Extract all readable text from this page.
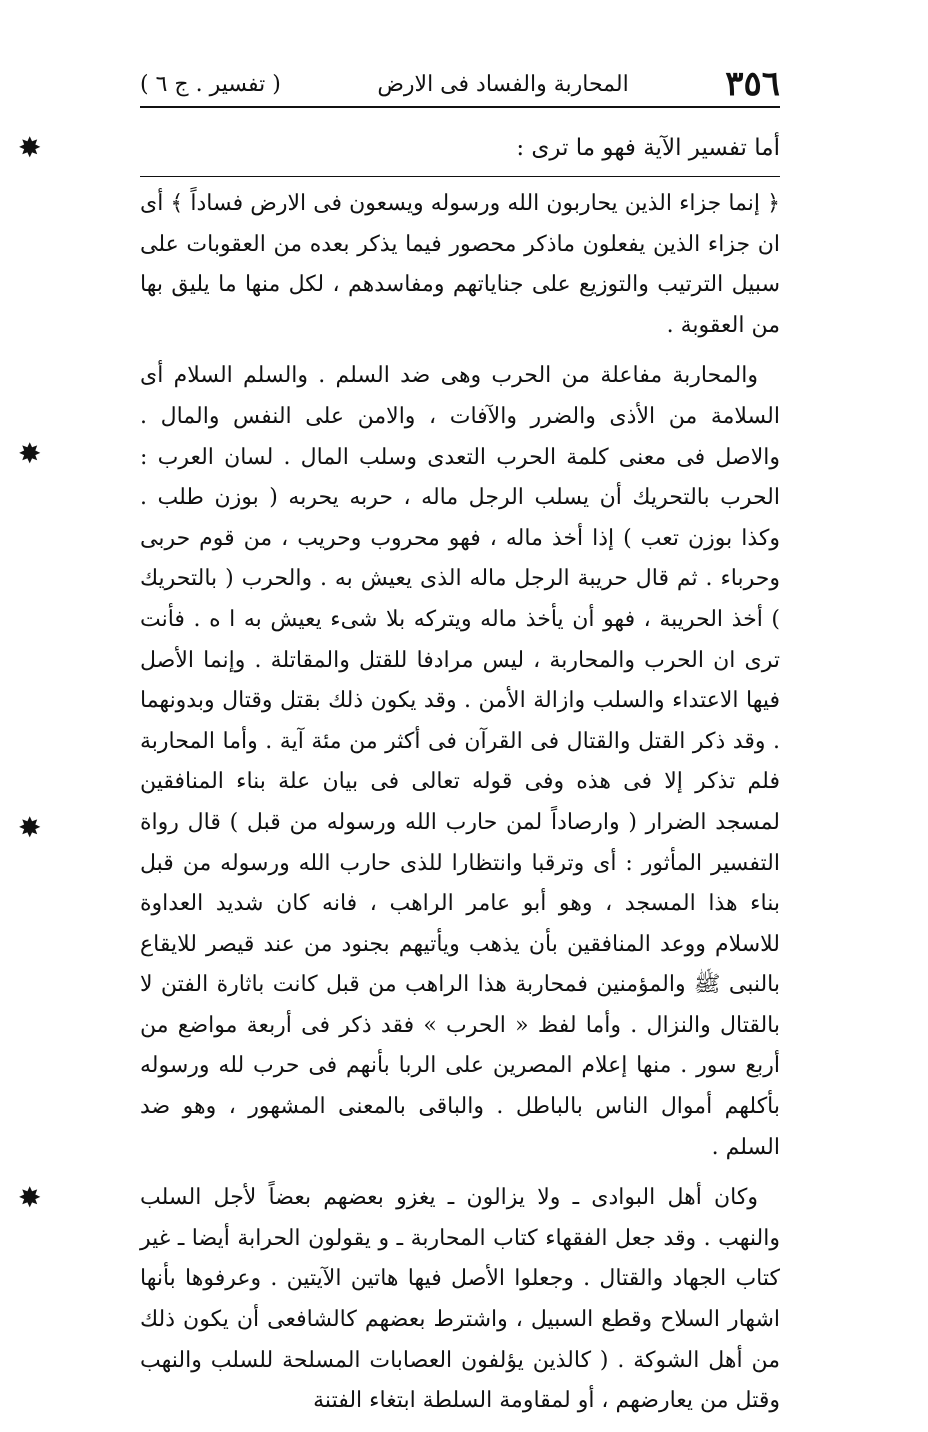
٣٥٦
المحاربة والفساد فى الارض
( تفسير . ج ٦ )
أما تفسير الآية فهو ما ترى :

﴿ إنما جزاء الذين يحاربون الله ورسوله ويسعون فى الارض فساداً ﴾ أى ان جزاء الذين يفعلون ماذكر محصور فيما يذكر بعده من العقوبات على سبيل الترتيب والتوزيع على جناياتهم ومفاسدهم ، لكل منها ما يليق بها من العقوبة .

والمحاربة مفاعلة من الحرب وهى ضد السلم . والسلم السلام أى السلامة من الأذى والضرر والآفات ، والامن على النفس والمال . والاصل فى معنى كلمة الحرب التعدى وسلب المال . لسان العرب : الحرب بالتحريك أن يسلب الرجل ماله ، حربه يحربه ( بوزن طلب . وكذا بوزن تعب ) إذا أخذ ماله ، فهو محروب وحريب ، من قوم حربى وحرباء . ثم قال حريبة الرجل ماله الذى يعيش به . والحرب ( بالتحريك ) أخذ الحريبة ، فهو أن يأخذ ماله ويتركه بلا شىء يعيش به ا ه . فأنت ترى ان الحرب والمحاربة ، ليس مرادفا للقتل والمقاتلة . وإنما الأصل فيها الاعتداء والسلب وازالة الأمن . وقد يكون ذلك بقتل وقتال وبدونهما . وقد ذكر القتل والقتال فى القرآن فى أكثر من مئة آية . وأما المحاربة فلم تذكر إلا فى هذه وفى قوله تعالى فى بيان علة بناء المنافقين لمسجد الضرار ( وارصاداً لمن حارب الله ورسوله من قبل ) قال رواة التفسير المأثور : أى وترقبا وانتظارا للذى حارب الله ورسوله من قبل بناء هذا المسجد ، وهو أبو عامر الراهب ، فانه كان شديد العداوة للاسلام ووعد المنافقين بأن يذهب ويأتيهم بجنود من عند قيصر للايقاع بالنبى ﷺ والمؤمنين فمحاربة هذا الراهب من قبل كانت باثارة الفتن لا بالقتال والنزال . وأما لفظ « الحرب » فقد ذكر فى أربعة مواضع من أربع سور . منها إعلام المصرين على الربا بأنهم فى حرب لله ورسوله بأكلهم أموال الناس بالباطل . والباقى بالمعنى المشهور ، وهو ضد السلم .

وكان أهل البوادى ـ ولا يزالون ـ يغزو بعضهم بعضاً لأجل السلب والنهب . وقد جعل الفقهاء كتاب المحاربة ـ و يقولون الحرابة أيضا ـ غير كتاب الجهاد والقتال . وجعلوا الأصل فيها هاتين الآيتين . وعرفوها بأنها اشهار السلاح وقطع السبيل ، واشترط بعضهم كالشافعى أن يكون ذلك من أهل الشوكة . ( كالذين يؤلفون العصابات المسلحة للسلب والنهب وقتل من يعارضهم ، أو لمقاومة السلطة ابتغاء الفتنة

✸
✸
✸
✸
